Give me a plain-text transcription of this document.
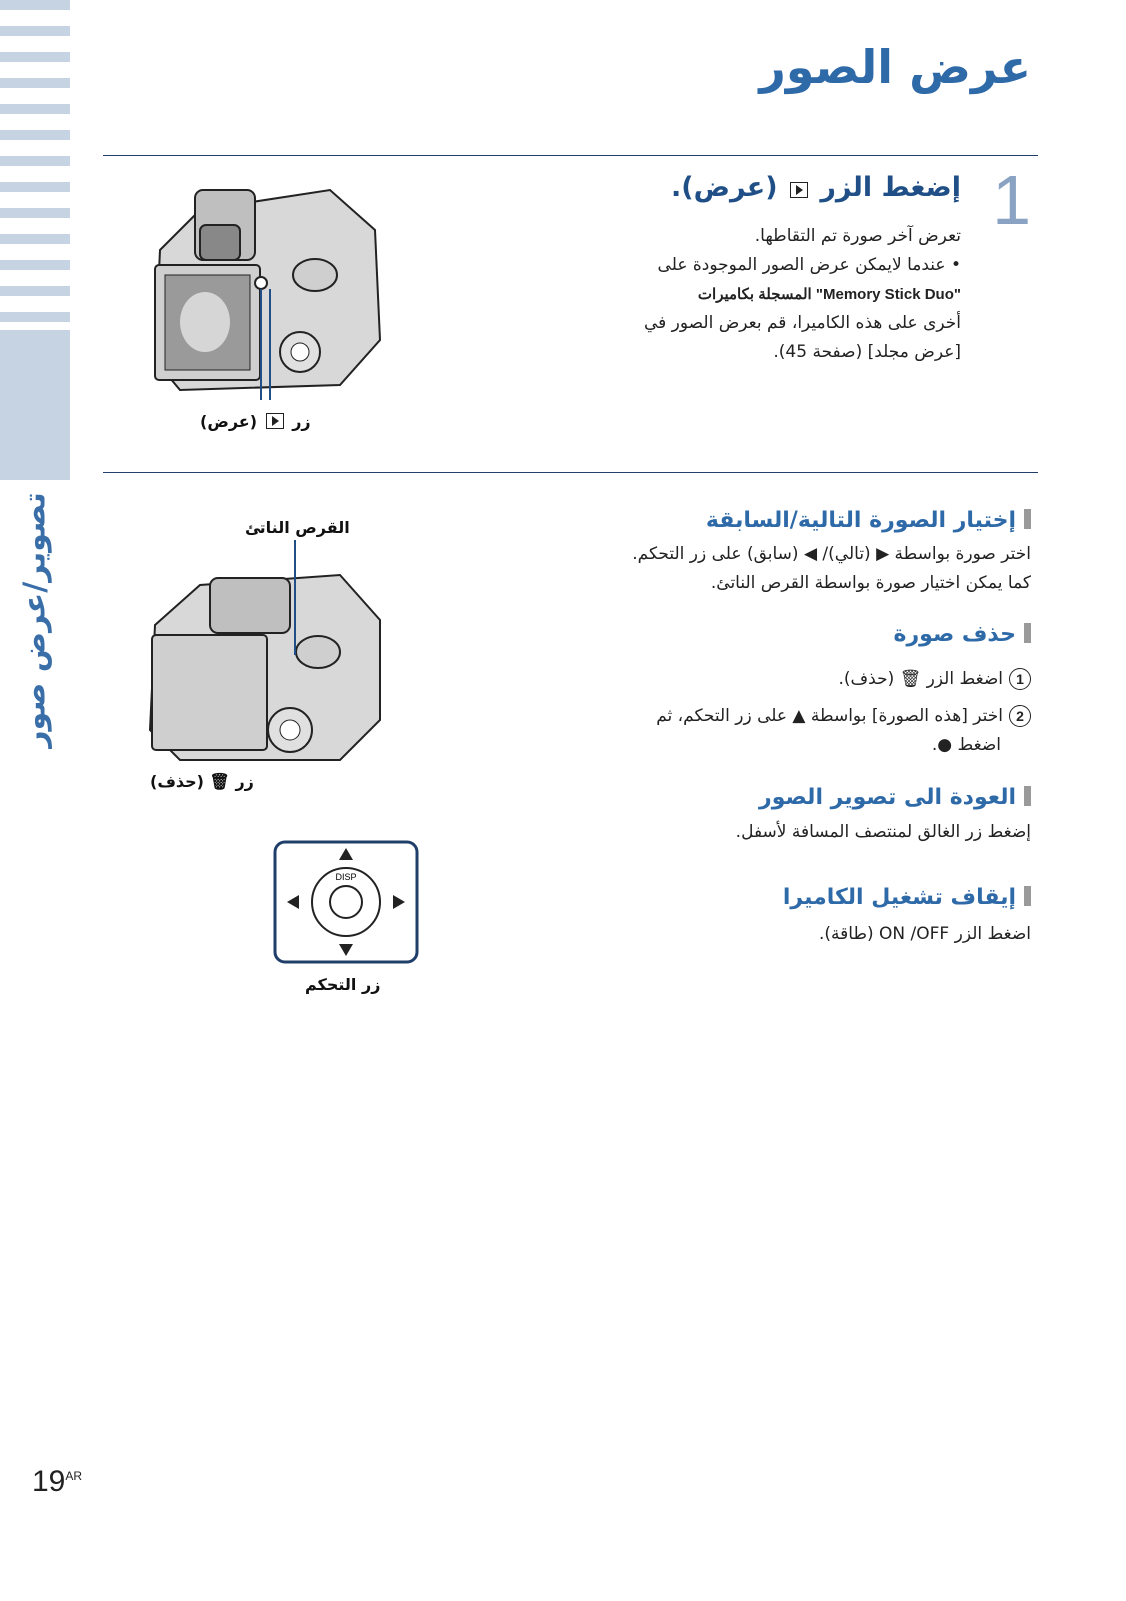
تصوير/عرض صور
عرض الصور
1
إضغط الزر  (عرض).
تعرض آخر صورة تم التقاطها.
• عندما لايمكن عرض الصور الموجودة على
"Memory Stick Duo" المسجلة بكاميرات
أخرى على هذه الكاميرا، قم بعرض الصور في
[عرض مجلد] (صفحة 45).
زر  (عرض)
إختيار الصورة التالية/السابقة
اختر صورة بواسطة ▶ (تالي)/ ◀ (سابق) على زر التحكم.
كما يمكن اختيار صورة بواسطة القرص الناتئ.
حذف صورة
1اضغط الزر 🗑 (حذف).
2اختر [هذه الصورة] بواسطة ▲ على زر التحكم، ثم
اضغط ●.
العودة الى تصوير الصور
إضغط زر الغالق لمنتصف المسافة لأسفل.
إيقاف تشغيل الكاميرا
اضغط الزر ON /OFF (طاقة).
القرص الناتئ
زر 🗑 (حذف)
DISP
زر التحكم
$19^{AR}$
